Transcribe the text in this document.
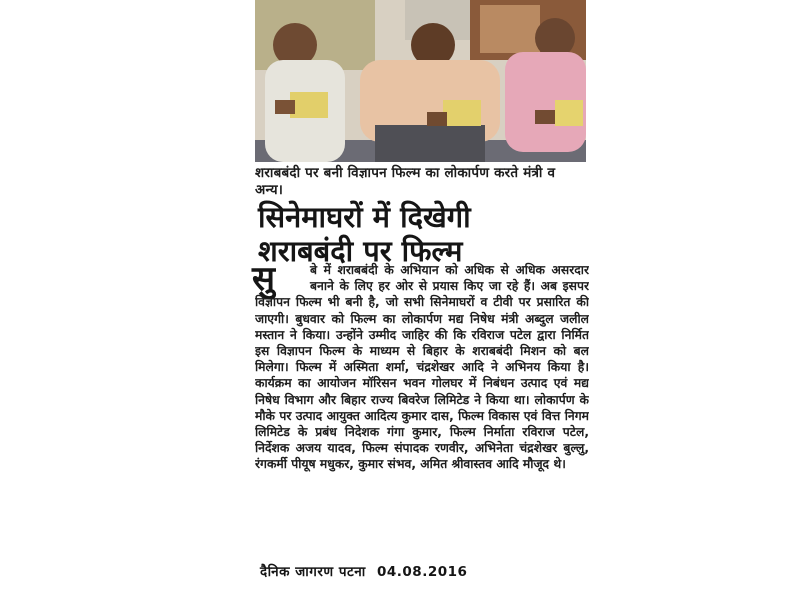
शराबबंदी पर बनी विज्ञापन फिल्म का लोकार्पण करते मंत्री व अन्य।
सिनेमाघरों में दिखेगी
शराबबंदी पर फिल्म
सु	बे में शराबबंदी के अभियान को अधिक से अधिक असरदार बनाने के लिए हर ओर से प्रयास किए जा रहे हैं। अब इसपर विज्ञापन फिल्म भी बनी है, जो सभी सिनेमाघरों व टीवी पर प्रसारित की जाएगी। बुधवार को फिल्म का लोकार्पण मद्य निषेध मंत्री अब्दुल जलील मस्तान ने किया। उन्होंने उम्मीद जाहिर की कि रविराज पटेल द्वारा निर्मित इस विज्ञापन फिल्म के माध्यम से बिहार के शराबबंदी मिशन को बल मिलेगा। फिल्म में अस्मिता शर्मा, चंद्रशेखर आदि ने अभिनय किया है। कार्यक्रम का आयोजन मॉरिसन भवन गोलघर में निबंधन उत्पाद एवं मद्य निषेध विभाग और बिहार राज्य बिवरेज लिमिटेड ने किया था। लोकार्पण के मौके पर उत्पाद आयुक्त आदित्य कुमार दास, फिल्म विकास एवं वित्त निगम लिमिटेड के प्रबंध निदेशक गंगा कुमार, फिल्म निर्माता रविराज पटेल, निर्देशक अजय यादव, फिल्म संपादक रणवीर, अभिनेता चंद्रशेखर बुल्लु, रंगकर्मी पीयूष मधुकर, कुमार संभव, अमित श्रीवास्तव आदि मौजूद थे।
दैनिक जागरण पटना 04.08.2016
